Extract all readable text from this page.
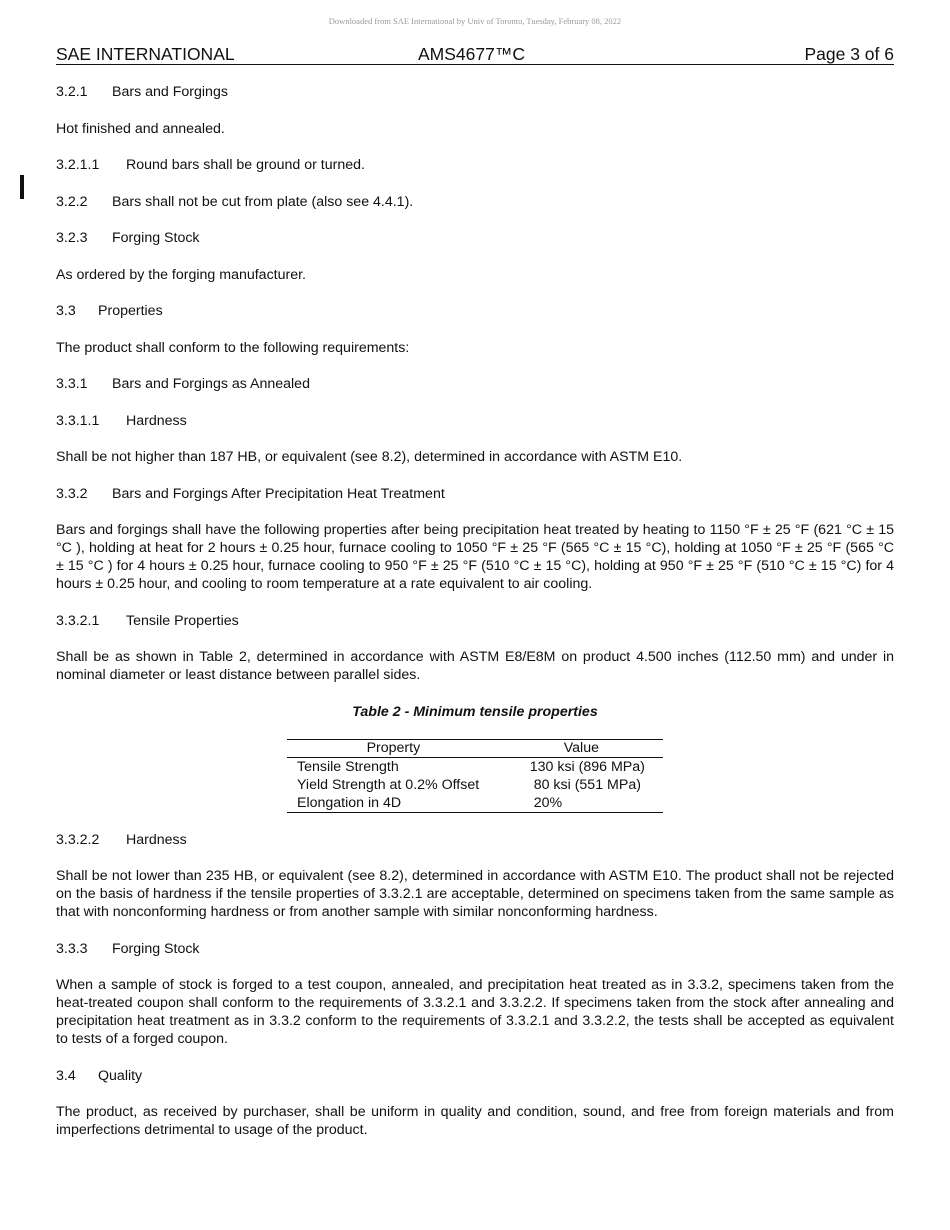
Downloaded from SAE International by Univ of Toronto, Tuesday, February 08, 2022
SAE INTERNATIONAL	AMS4677™C	Page 3 of 6

3.2.1 Bars and Forgings

Hot finished and annealed.

3.2.1.1 Round bars shall be ground or turned.

3.2.2 Bars shall not be cut from plate (also see 4.4.1).

3.2.3 Forging Stock

As ordered by the forging manufacturer.

3.3 Properties

The product shall conform to the following requirements:

3.3.1 Bars and Forgings as Annealed

3.3.1.1 Hardness

Shall be not higher than 187 HB, or equivalent (see 8.2), determined in accordance with ASTM E10.

3.3.2 Bars and Forgings After Precipitation Heat Treatment

Bars and forgings shall have the following properties after being precipitation heat treated by heating to 1150 °F ± 25 °F (621 °C ± 15 °C ), holding at heat for 2 hours ± 0.25 hour, furnace cooling to 1050 °F ± 25 °F (565 °C ± 15 °C), holding at 1050 °F ± 25 °F (565 °C ± 15 °C ) for 4 hours ± 0.25 hour, furnace cooling to 950 °F ± 25 °F (510 °C ± 15 °C), holding at 950 °F ± 25 °F (510 °C ± 15 °C) for 4 hours ± 0.25 hour, and cooling to room temperature at a rate equivalent to air cooling.

3.3.2.1 Tensile Properties

Shall be as shown in Table 2, determined in accordance with ASTM E8/E8M on product 4.500 inches (112.50 mm) and under in nominal diameter or least distance between parallel sides.

Table 2 - Minimum tensile properties

Property	Value
Tensile Strength	130 ksi (896 MPa)
Yield Strength at 0.2% Offset	80 ksi (551 MPa)
Elongation in 4D	20%

3.3.2.2 Hardness

Shall be not lower than 235 HB, or equivalent (see 8.2), determined in accordance with ASTM E10. The product shall not be rejected on the basis of hardness if the tensile properties of 3.3.2.1 are acceptable, determined on specimens taken from the same sample as that with nonconforming hardness or from another sample with similar nonconforming hardness.

3.3.3 Forging Stock

When a sample of stock is forged to a test coupon, annealed, and precipitation heat treated as in 3.3.2, specimens taken from the heat-treated coupon shall conform to the requirements of 3.3.2.1 and 3.3.2.2. If specimens taken from the stock after annealing and precipitation heat treatment as in 3.3.2 conform to the requirements of 3.3.2.1 and 3.3.2.2, the tests shall be accepted as equivalent to tests of a forged coupon.

3.4 Quality

The product, as received by purchaser, shall be uniform in quality and condition, sound, and free from foreign materials and from imperfections detrimental to usage of the product.
